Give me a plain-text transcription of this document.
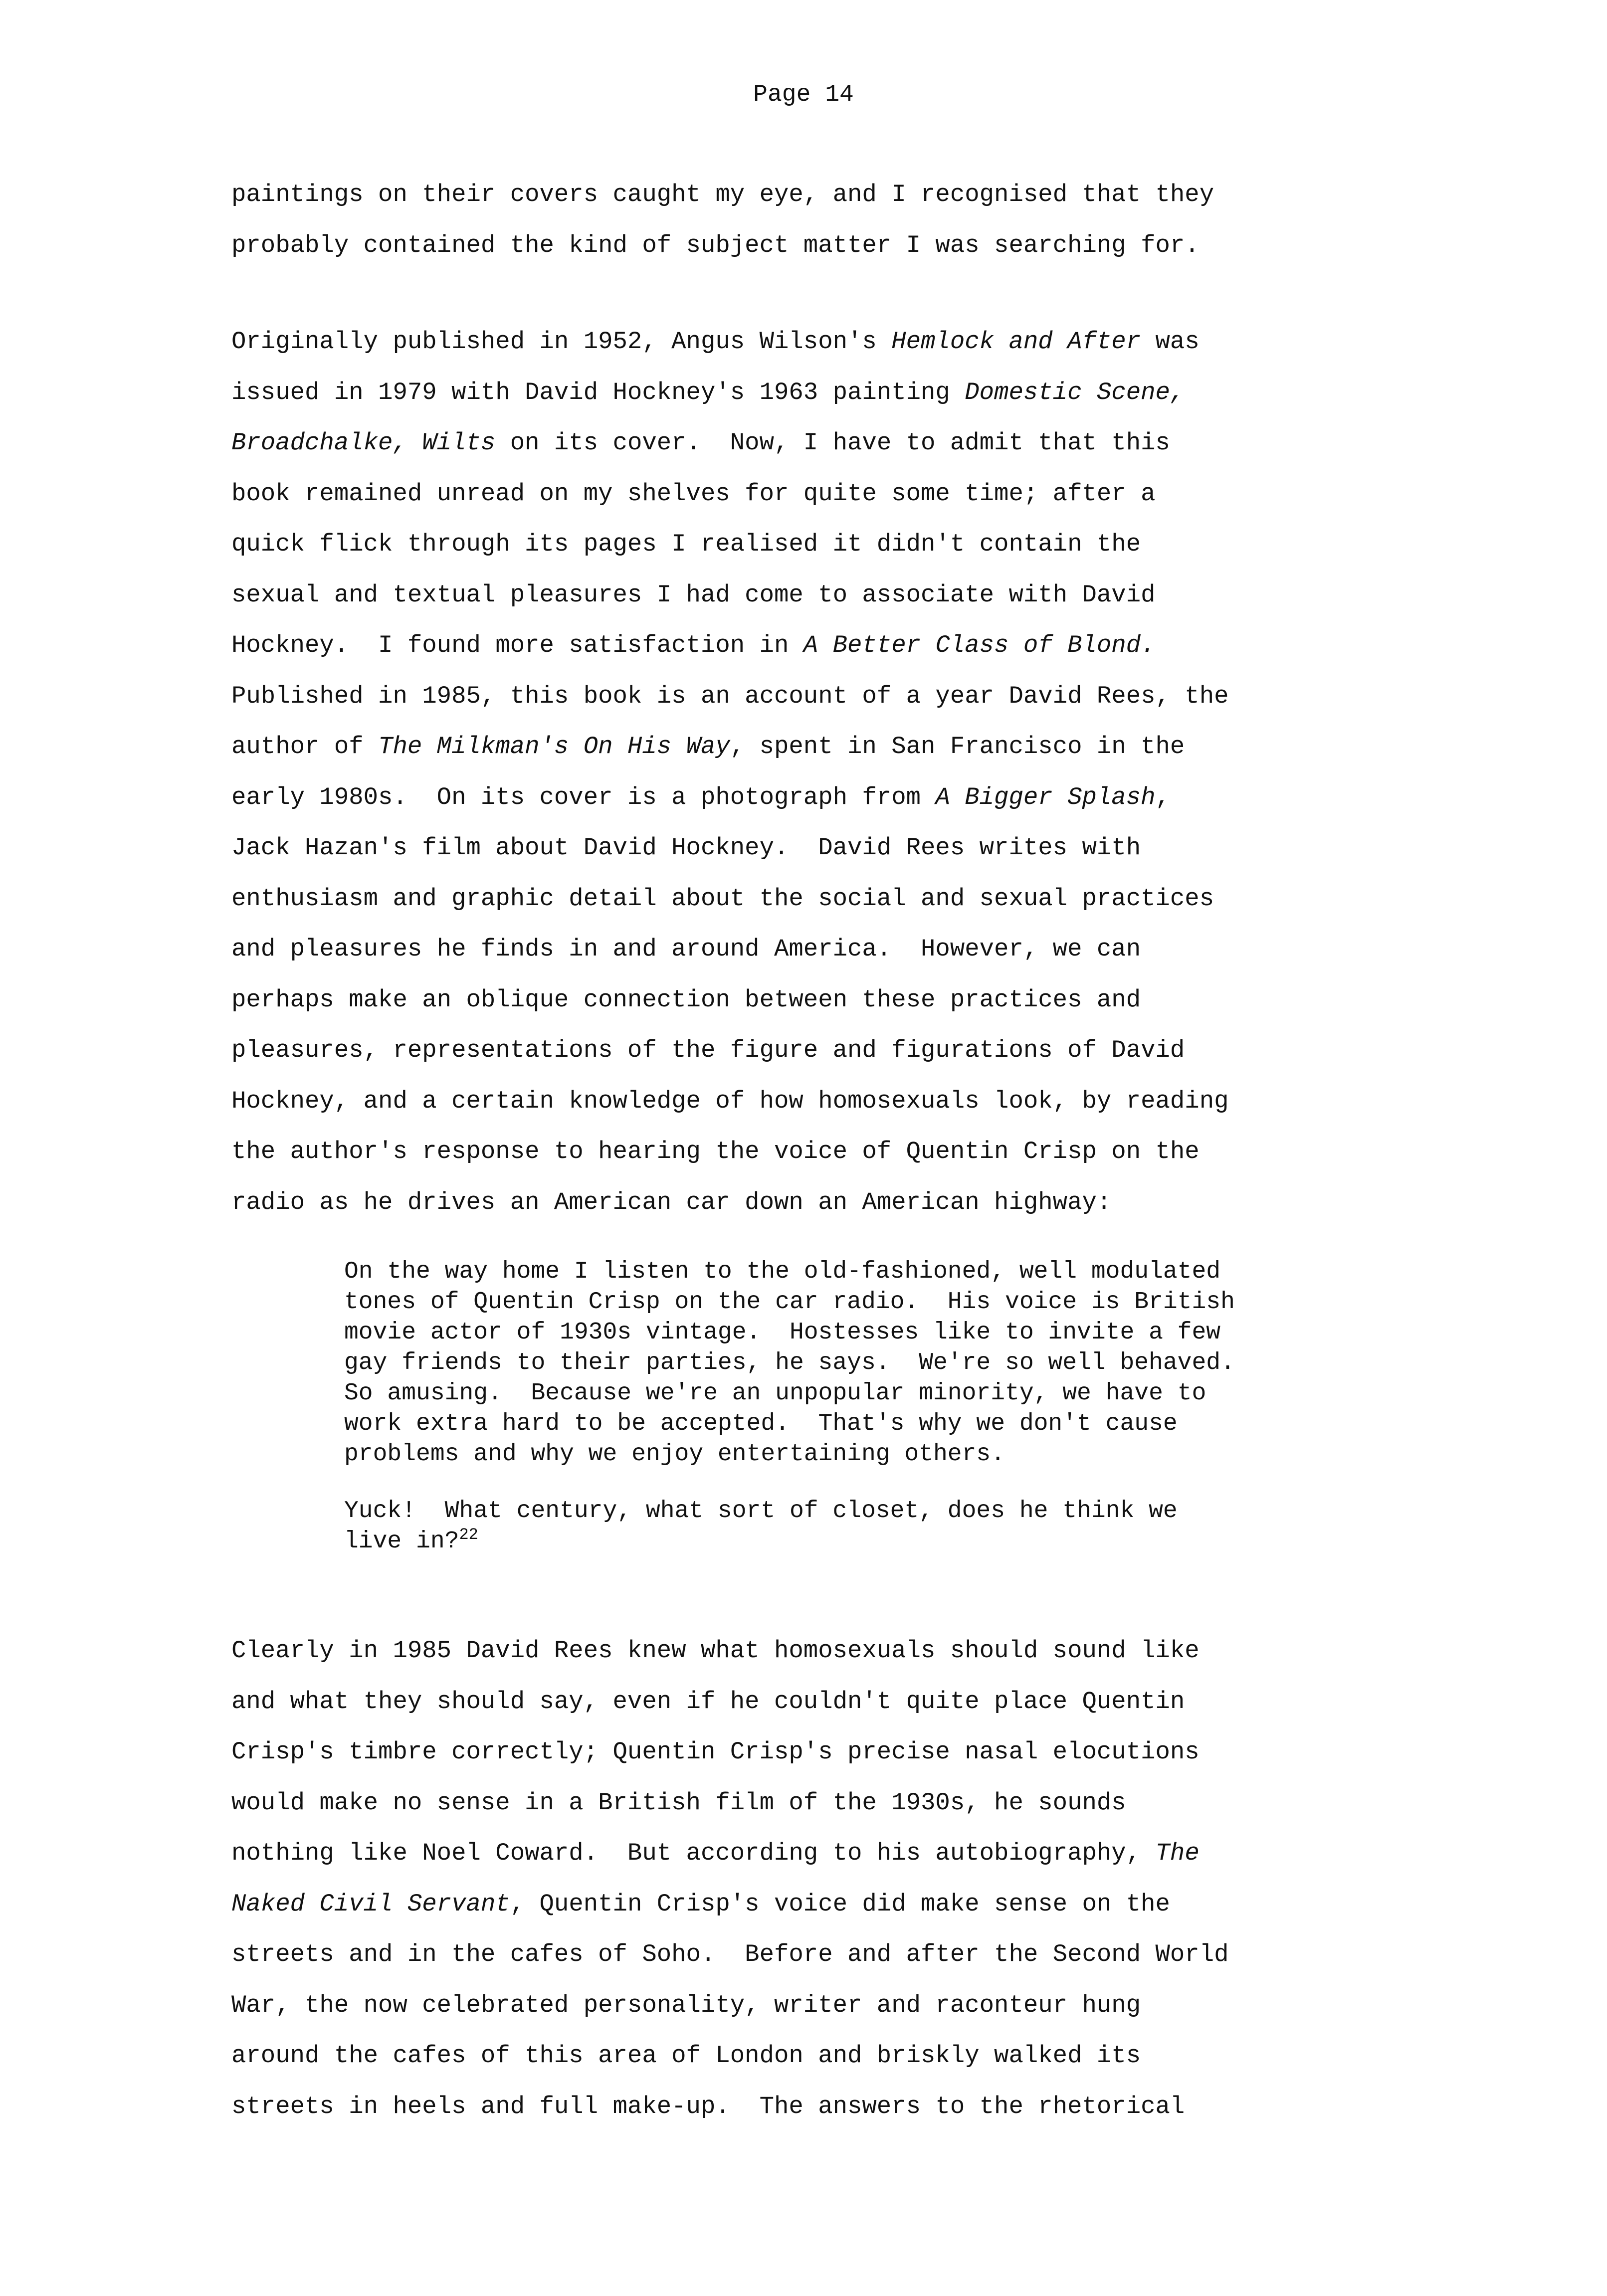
Page 14
paintings on their covers caught my eye, and I recognised that they
probably contained the kind of subject matter I was searching for.
Originally published in 1952, Angus Wilson's Hemlock and After was
issued in 1979 with David Hockney's 1963 painting Domestic Scene,
Broadchalke, Wilts on its cover.  Now, I have to admit that this
book remained unread on my shelves for quite some time; after a
quick flick through its pages I realised it didn't contain the
sexual and textual pleasures I had come to associate with David
Hockney.  I found more satisfaction in A Better Class of Blond.
Published in 1985, this book is an account of a year David Rees, the
author of The Milkman's On His Way, spent in San Francisco in the
early 1980s.  On its cover is a photograph from A Bigger Splash,
Jack Hazan's film about David Hockney.  David Rees writes with
enthusiasm and graphic detail about the social and sexual practices
and pleasures he finds in and around America.  However, we can
perhaps make an oblique connection between these practices and
pleasures, representations of the figure and figurations of David
Hockney, and a certain knowledge of how homosexuals look, by reading
the author's response to hearing the voice of Quentin Crisp on the
radio as he drives an American car down an American highway:
On the way home I listen to the old-fashioned, well modulated
tones of Quentin Crisp on the car radio.  His voice is British
movie actor of 1930s vintage.  Hostesses like to invite a few
gay friends to their parties, he says.  We're so well behaved.
So amusing.  Because we're an unpopular minority, we have to
work extra hard to be accepted.  That's why we don't cause
problems and why we enjoy entertaining others.
Yuck!  What century, what sort of closet, does he think we
live in?$^{22}$
Clearly in 1985 David Rees knew what homosexuals should sound like
and what they should say, even if he couldn't quite place Quentin
Crisp's timbre correctly; Quentin Crisp's precise nasal elocutions
would make no sense in a British film of the 1930s, he sounds
nothing like Noel Coward.  But according to his autobiography, The
Naked Civil Servant, Quentin Crisp's voice did make sense on the
streets and in the cafes of Soho.  Before and after the Second World
War, the now celebrated personality, writer and raconteur hung
around the cafes of this area of London and briskly walked its
streets in heels and full make-up.  The answers to the rhetorical
